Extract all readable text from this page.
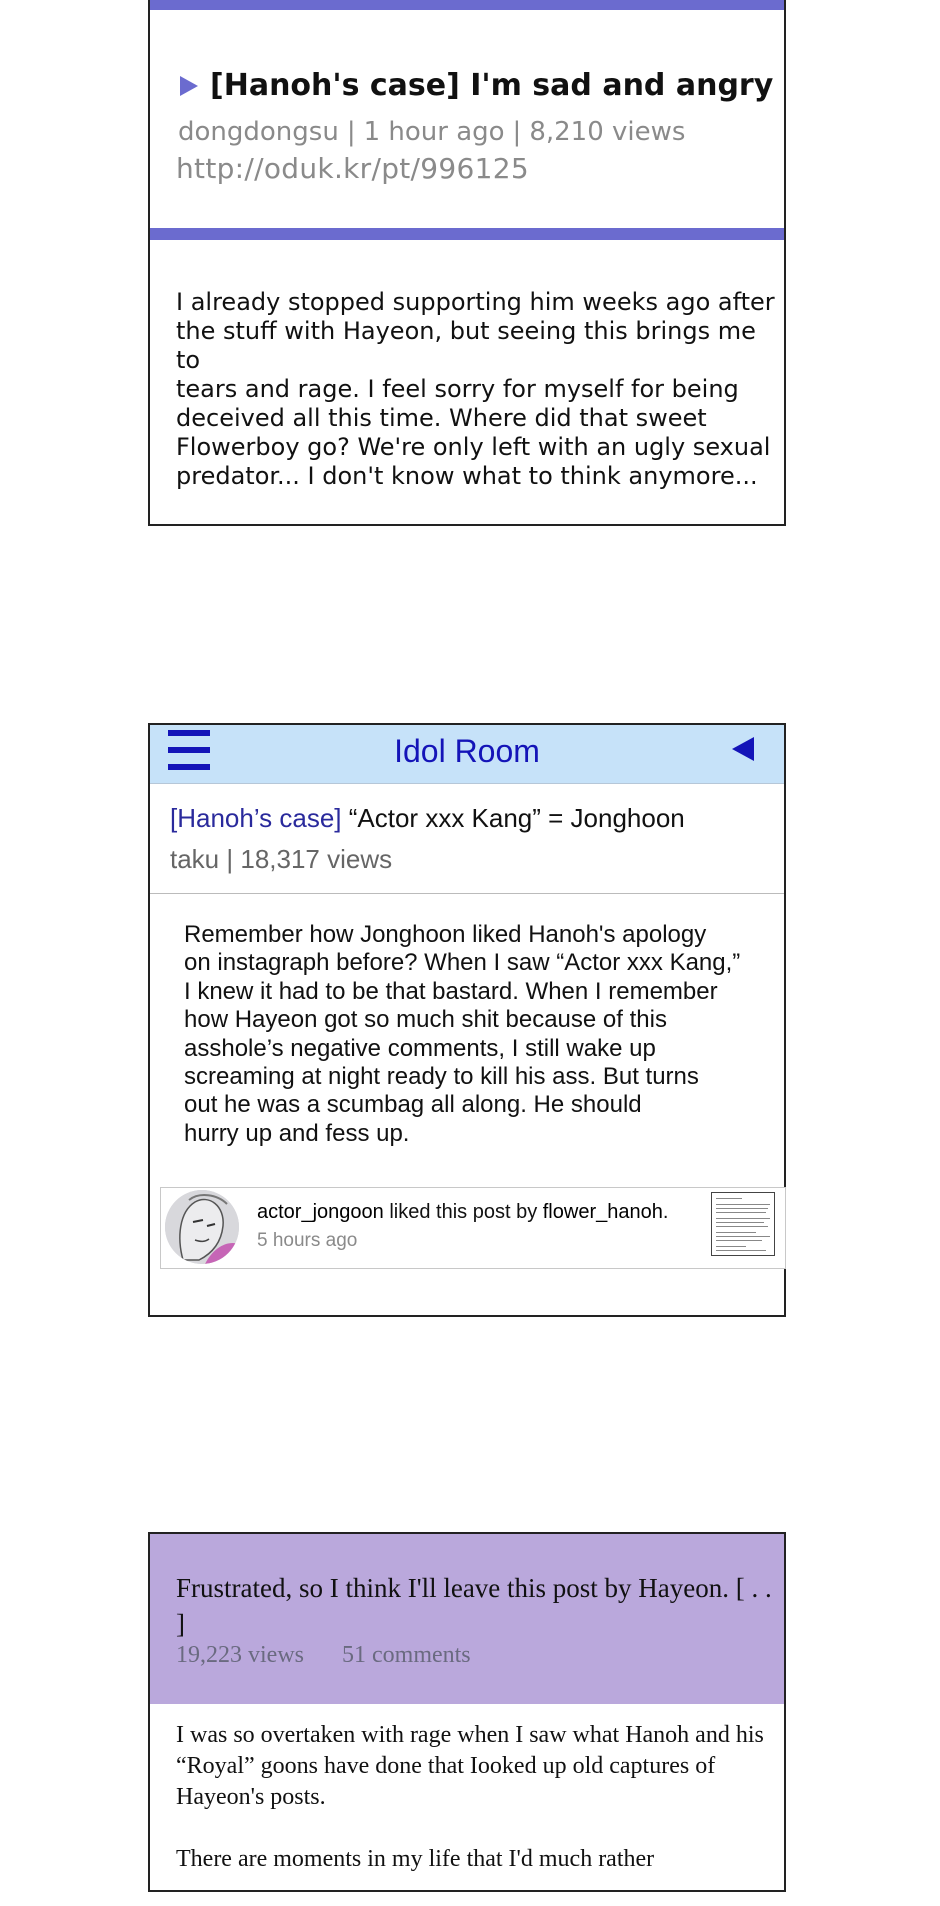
[Hanoh's case] I'm sad and angry
dongdongsu | 1 hour ago | 8,210 views
http://oduk.kr/pt/996125
I already stopped supporting him weeks ago after
the stuff with Hayeon, but seeing this brings me to
tears and rage. I feel sorry for myself for being
deceived all this time. Where did that sweet
Flowerboy go? We're only left with an ugly sexual
predator... I don't know what to think anymore...
Idol Room
[Hanoh’s case] “Actor xxx Kang” = Jonghoon
taku | 18,317 views
Remember how Jonghoon liked Hanoh's apology
on instagraph before? When I saw “Actor xxx Kang,”
I knew it had to be that bastard. When I remember
how Hayeon got so much shit because of this
asshole’s negative comments, I still wake up
screaming at night ready to kill his ass. But turns
out he was a scumbag all along. He should
hurry up and fess up.
actor_jongoon liked this post by flower_hanoh.
5 hours ago
Frustrated, so I think I'll leave this post by Hayeon. [ . . ]
19,223 views 51 comments

I was so overtaken with rage when I saw what Hanoh and his “Royal” goons have done that Iooked up old captures of Hayeon's posts.

There are moments in my life that I'd much rather
